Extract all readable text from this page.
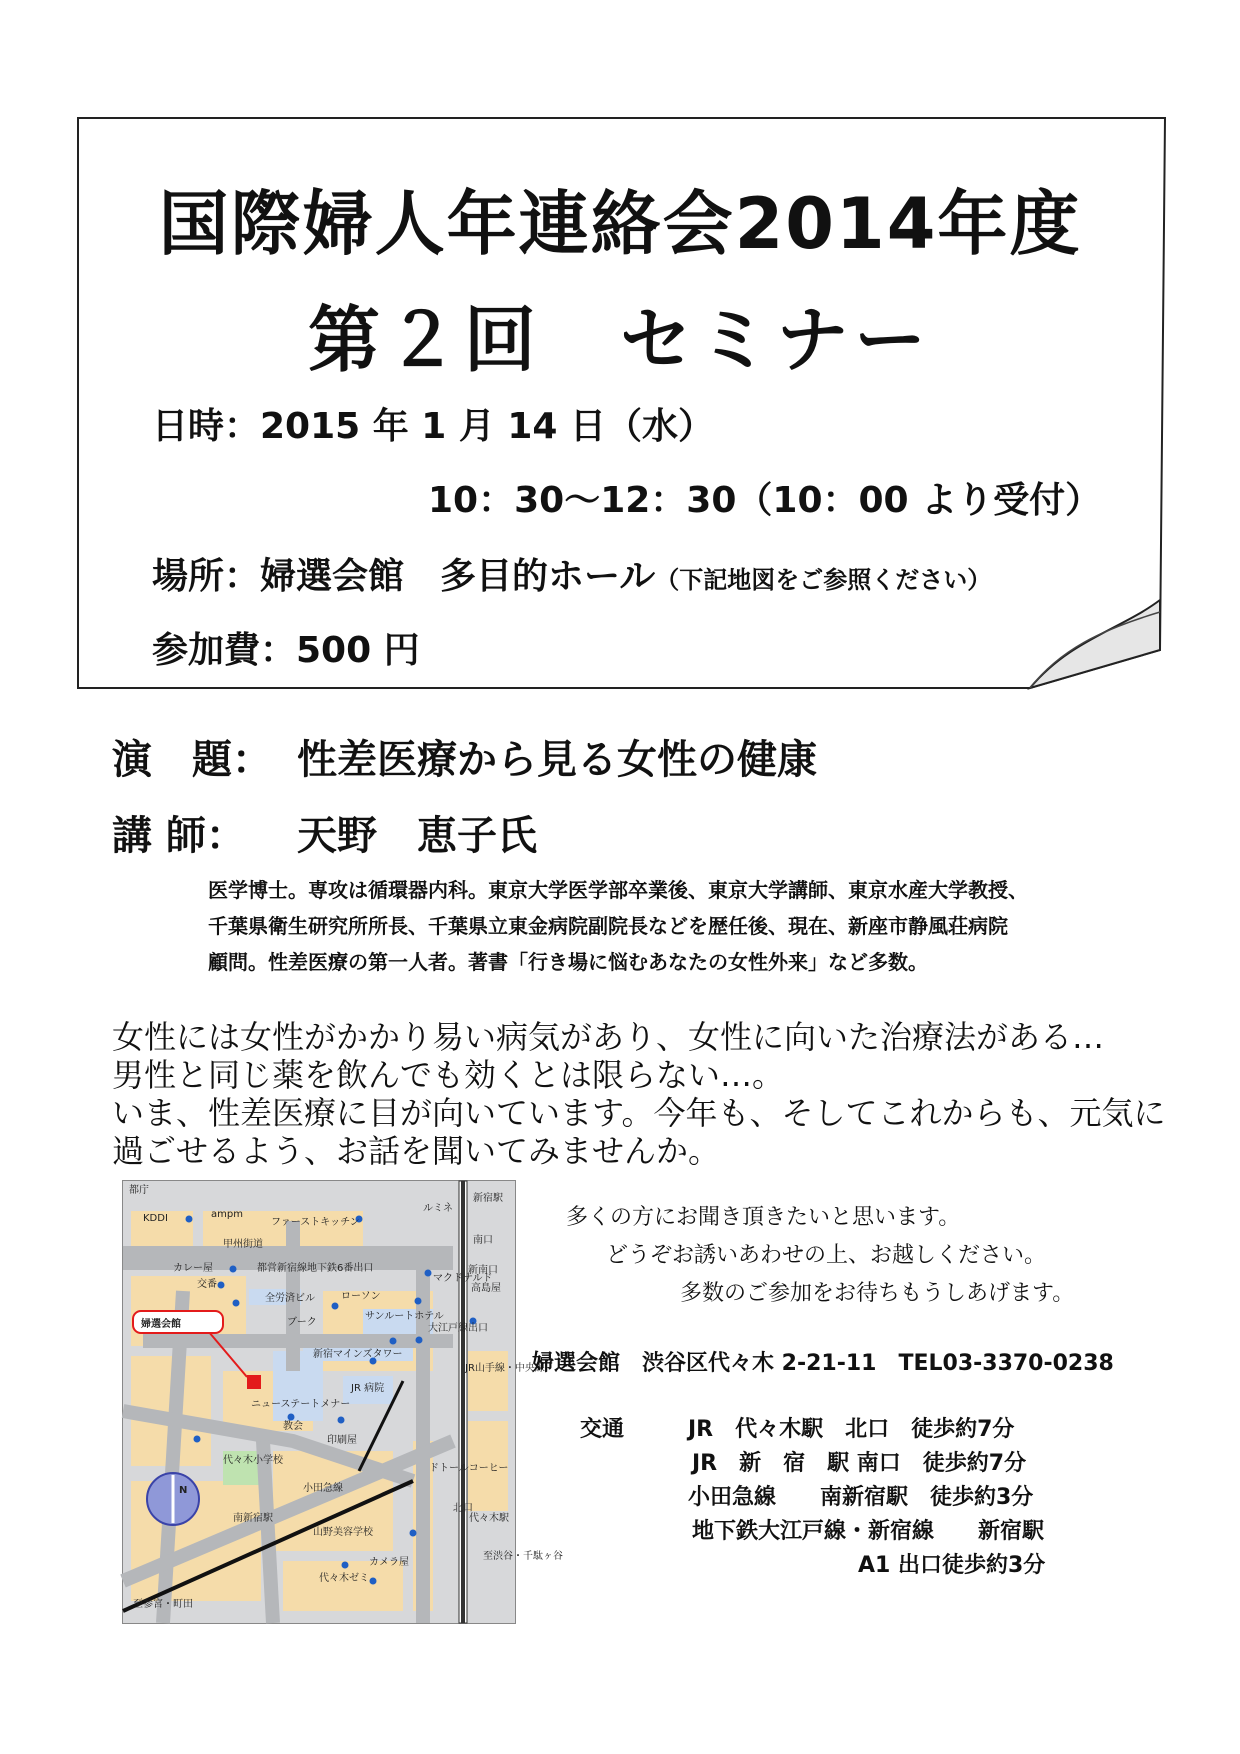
国際婦人年連絡会2014年度
第２回　セミナー
日時：2015 年 1 月 14 日（水）
10：30～12：30（10：00 より受付）
場所：婦選会館　多目的ホール（下記地図をご参照ください）
参加費：500 円
演　題： 性差医療から見る女性の健康
講 師： 天野　恵子氏
医学博士。専攻は循環器内科。東京大学医学部卒業後、東京大学講師、東京水産大学教授、
千葉県衛生研究所所長、千葉県立東金病院副院長などを歴任後、現在、新座市静風荘病院
顧問。性差医療の第一人者。著書「行き場に悩むあなたの女性外来」など多数。
女性には女性がかかり易い病気があり、女性に向いた治療法がある…
男性と同じ薬を飲んでも効くとは限らない…。
いま、性差医療に目が向いています。今年も、そしてこれからも、元気に
過ごせるよう、お話を聞いてみませんか。
都庁
KDDI	ampm
ファーストキッチン
甲州街道
ルミネ
新宿駅
南口
新南口
カレー屋
交番
都営新宿線地下鉄6番出口
マクドナルド
高島屋
全労済ビル	ローソン
ブーク
サンルートホテル
大江戸線出口
新宿マインズタワー
ニューステートメナー
JR 病院
JR山手線・中央線
教会
印刷屋
ドトールコーヒー
代々木小学校
小田急線
南新宿駅
山野美容学校
代々木駅
北口
至渋谷・千駄ヶ谷
カメラ屋
代々木ゼミ
至参宮・町田
婦選会館
N
多くの方にお聞き頂きたいと思います。
どうぞお誘いあわせの上、お越しください。
多数のご参加をお待ちもうしあげます。
婦選会館　渋谷区代々木 2-21-11　TEL03-3370-0238
交通	JR　代々木駅　北口　徒歩約7分
JR　新　宿　駅 南口　徒歩約7分
小田急線　　南新宿駅　徒歩約3分
地下鉄大江戸線・新宿線　　新宿駅
A1 出口徒歩約3分
